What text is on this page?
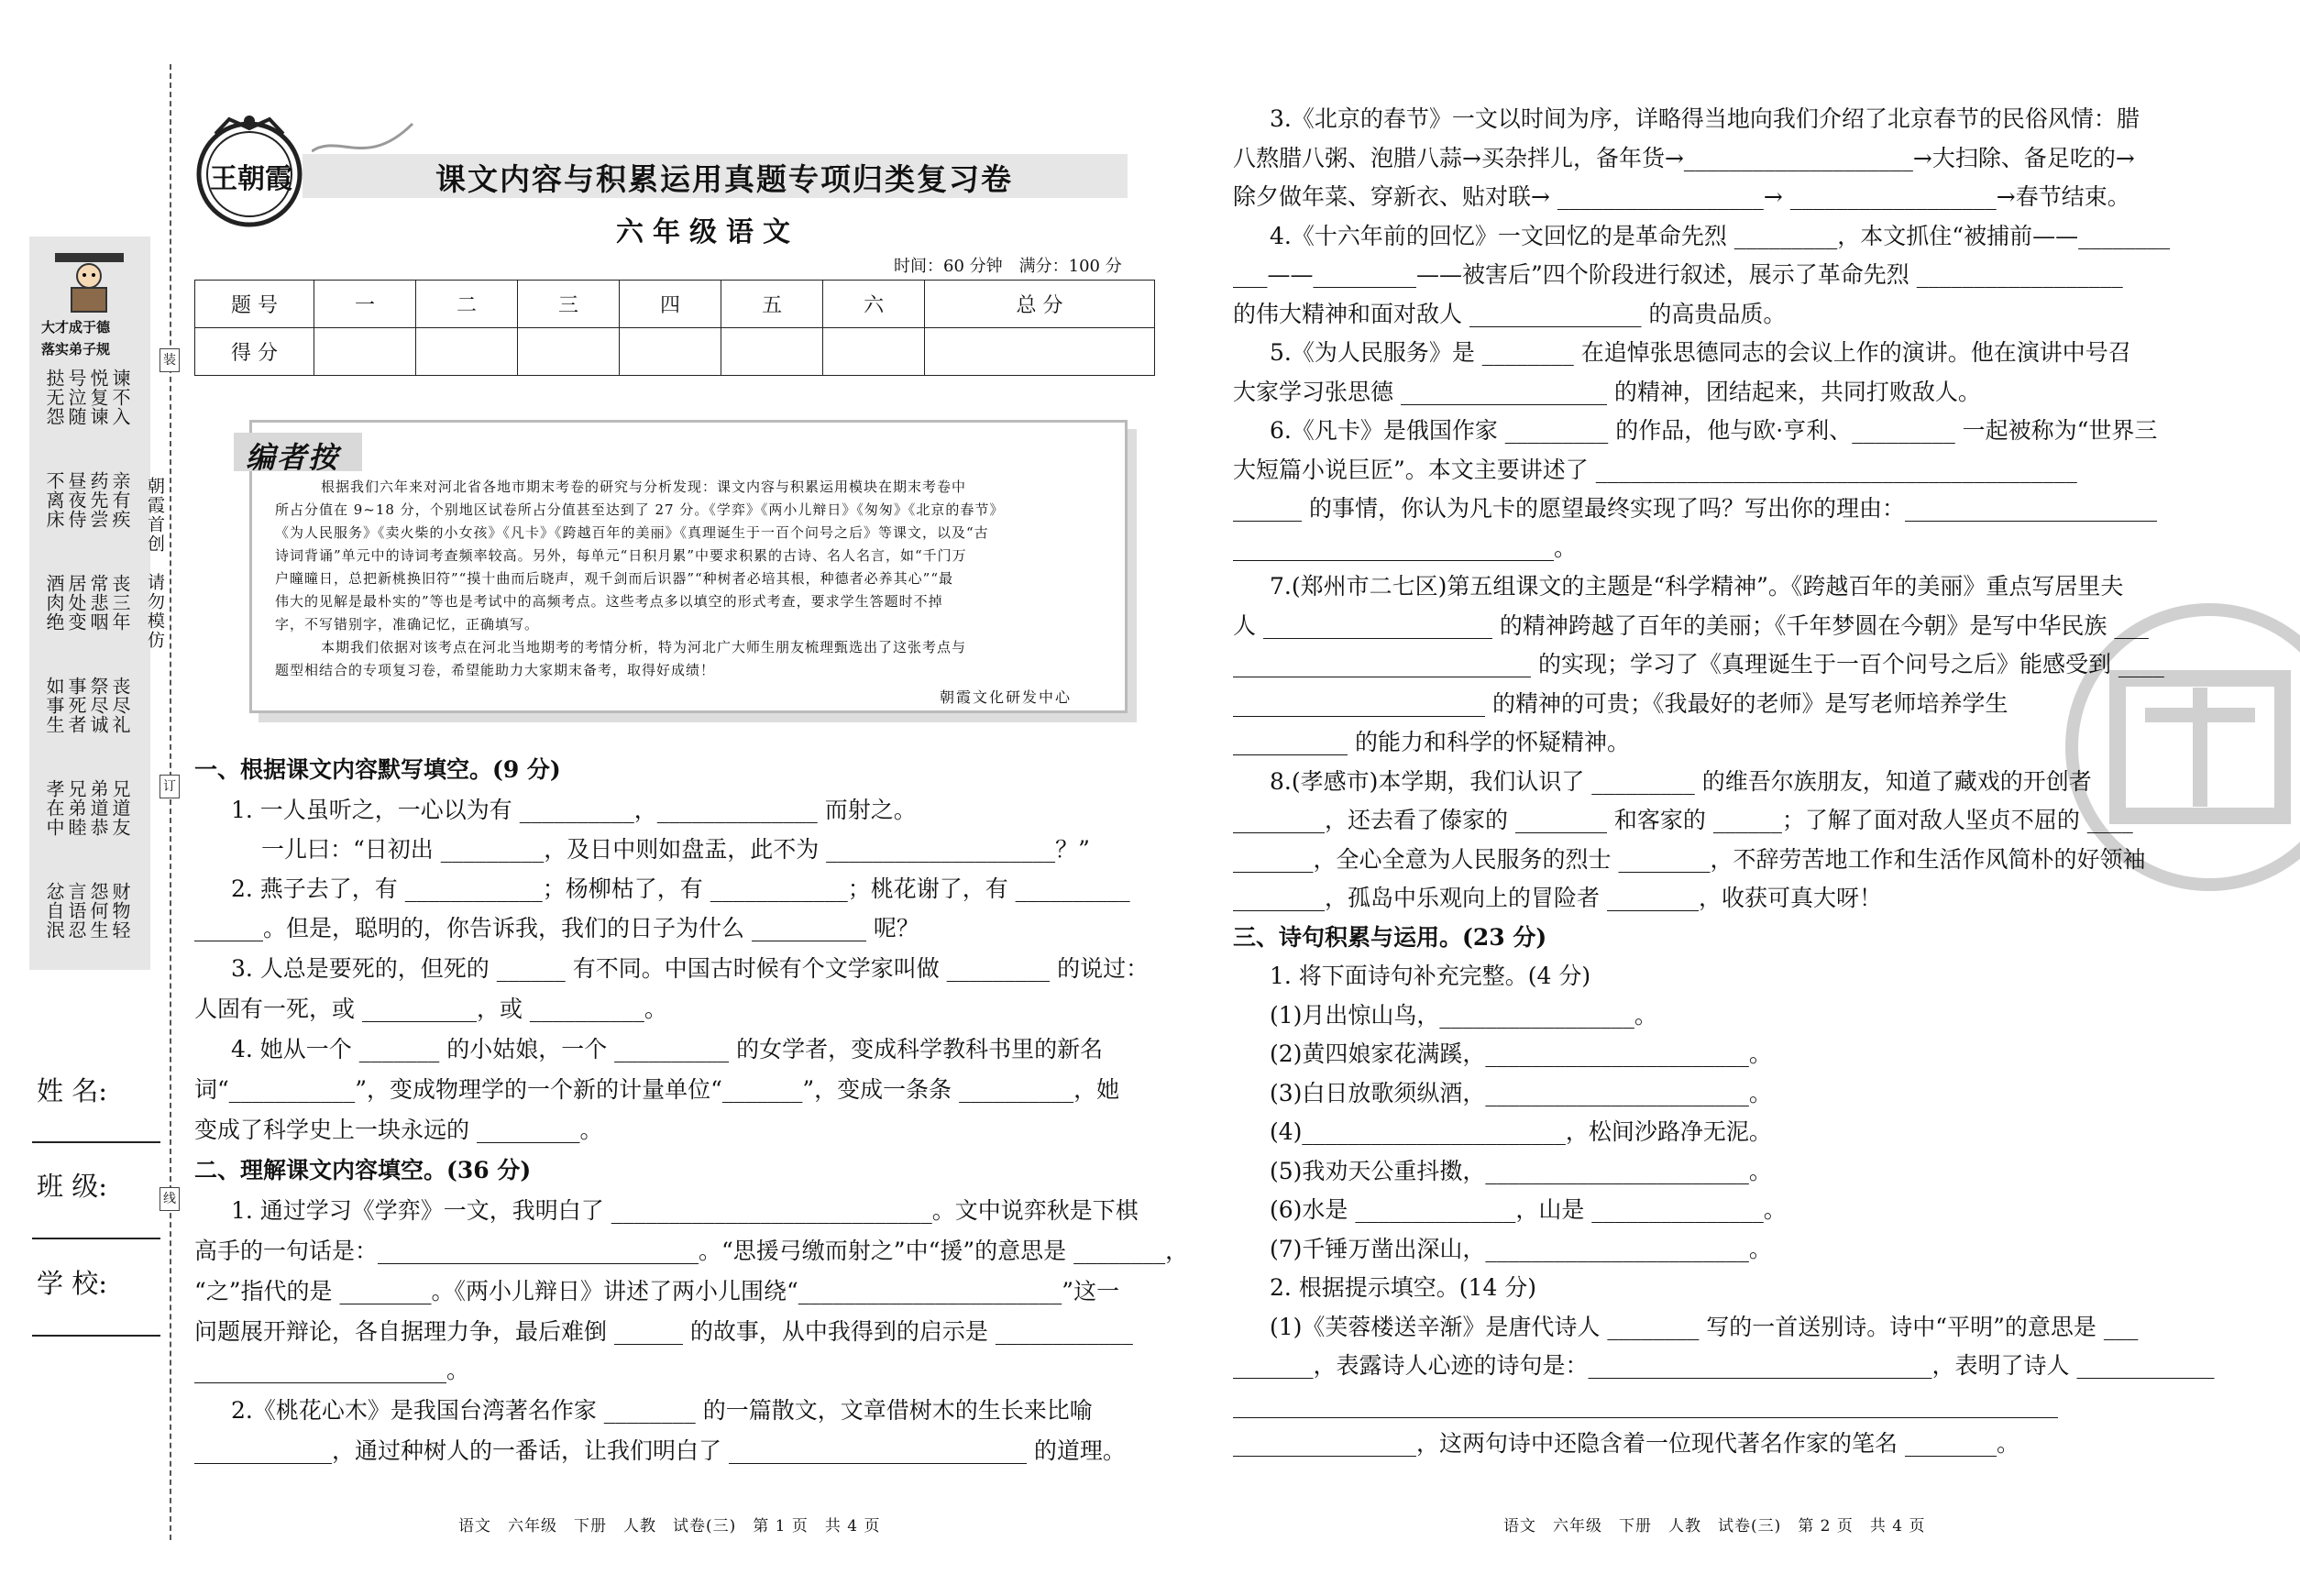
大才成于德
落实弟子规
谏不入
悦复谏
号泣随
挞无怨
亲有疾
药先尝
昼夜侍
不离床
丧三年
常悲咽
居处变
酒肉绝
丧尽礼
祭尽诚
事死者
如事生
兄道友
弟道恭
兄弟睦
孝在中
财物轻
怨何生
言语忍
忿自泯
装
订
线
朝霞首创
请勿模仿
姓 名:
班 级:
学 校:
王朝霞	课文内容与积累运用真题专项归类复习卷
六年级语文
时间：60 分钟　满分：100 分
题 号	一	二	三	四	五	六	总 分
得 分							
编者按
根据我们六年来对河北省各地市期末考卷的研究与分析发现：课文内容与积累运用模块在期末考卷中
所占分值在 9~18 分，个别地区试卷所占分值甚至达到了 27 分。《学弈》《两小儿辩日》《匆匆》《北京的春节》
《为人民服务》《卖火柴的小女孩》《凡卡》《跨越百年的美丽》《真理诞生于一百个问号之后》等课文，以及“古
诗词背诵”单元中的诗词考查频率较高。另外，每单元“日积月累”中要求积累的古诗、名人名言，如“千门万
户曈曈日，总把新桃换旧符”“摸十曲而后晓声，观千剑而后识器”“种树者必培其根，种德者必养其心”“最
伟大的见解是最朴实的”等也是考试中的高频考点。这些考点多以填空的形式考查，要求学生答题时不掉
字，不写错别字，准确记忆，正确填写。
本期我们依据对该考点在河北当地期考的考情分析，特为河北广大师生朋友梳理甄选出了这张考点与
题型相结合的专项复习卷，希望能助力大家期末备考，取得好成绩！
朝霞文化研发中心
一、根据课文内容默写填空。(9 分)
1. 一人虽听之，一心以为有 __________，______________ 而射之。
一儿曰：“日初出 _________，及日中则如盘盂，此不为 ____________________？”
2. 燕子去了，有 ____________；杨柳枯了，有 ____________；桃花谢了，有 __________
______。但是，聪明的，你告诉我，我们的日子为什么 __________ 呢？
3. 人总是要死的，但死的 ______ 有不同。中国古时候有个文学家叫做 _________ 的说过：
人固有一死，或 __________，或 __________。
4. 她从一个 _______ 的小姑娘，一个 __________ 的女学者，变成科学教科书里的新名
词“___________”，变成物理学的一个新的计量单位“_______”，变成一条条 __________，她
变成了科学史上一块永远的 _________。
二、理解课文内容填空。(36 分)
1. 通过学习《学弈》一文，我明白了 ____________________________。文中说弈秋是下棋
高手的一句话是：____________________________。“思援弓缴而射之”中“援”的意思是 ________，
“之”指代的是 ________。《两小儿辩日》讲述了两小儿围绕“_______________________”这一
问题展开辩论，各自据理力争，最后难倒 ______ 的故事，从中我得到的启示是 ____________
______________________。
2.《桃花心木》是我国台湾著名作家 ________ 的一篇散文，文章借树木的生长来比喻
____________，通过种树人的一番话，让我们明白了 __________________________ 的道理。
3.《北京的春节》一文以时间为序，详略得当地向我们介绍了北京春节的民俗风情：腊
八熬腊八粥、泡腊八蒜→买杂拌儿，备年货→____________________→大扫除、备足吃的→
除夕做年菜、穿新衣、贴对联→ __________________→ __________________→春节结束。
4.《十六年前的回忆》一文回忆的是革命先烈 _________，本文抓住“被捕前——________
___——_________——被害后”四个阶段进行叙述，展示了革命先烈 __________________
的伟大精神和面对敌人 _______________ 的高贵品质。
5.《为人民服务》是 ________ 在追悼张思德同志的会议上作的演讲。他在演讲中号召
大家学习张思德 __________________ 的精神，团结起来，共同打败敌人。
6.《凡卡》是俄国作家 _________ 的作品，他与欧·亨利、_________ 一起被称为“世界三
大短篇小说巨匠”。本文主要讲述了 __________________________________________
______ 的事情，你认为凡卡的愿望最终实现了吗？写出你的理由：______________________
____________________________。
7.(郑州市二七区)第五组课文的主题是“科学精神”。《跨越百年的美丽》重点写居里夫
人 ____________________ 的精神跨越了百年的美丽；《千年梦圆在今朝》是写中华民族 ___
__________________________ 的实现；学习了《真理诞生于一百个问号之后》能感受到 ____
______________________ 的精神的可贵；《我最好的老师》是写老师培养学生
__________ 的能力和科学的怀疑精神。
8.(孝感市)本学期，我们认识了 _________ 的维吾尔族朋友，知道了藏戏的开创者
________，还去看了傣家的 ________ 和客家的 ______；了解了面对敌人坚贞不屈的 ____
_______，全心全意为人民服务的烈士 ________，不辞劳苦地工作和生活作风简朴的好领袖
________，孤岛中乐观向上的冒险者 ________，收获可真大呀！
三、诗句积累与运用。(23 分)
1. 将下面诗句补充完整。(4 分)
(1)月出惊山鸟，_________________。
(2)黄四娘家花满蹊，_______________________。
(3)白日放歌须纵酒，_______________________。
(4)_______________________，松间沙路净无泥。
(5)我劝天公重抖擞，_______________________。
(6)水是 ______________，山是 _______________。
(7)千锤万凿出深山，_______________________。
2. 根据提示填空。(14 分)
(1)《芙蓉楼送辛渐》是唐代诗人 ________ 写的一首送别诗。诗中“平明”的意思是 ___
_______，表露诗人心迹的诗句是：______________________________，表明了诗人 ____________
________________________________________________________________________
________________，这两句诗中还隐含着一位现代著名作家的笔名 ________。
语文　六年级　下册　人教　试卷(三)　第 1 页　共 4 页	语文　六年级　下册　人教　试卷(三)　第 2 页　共 4 页
